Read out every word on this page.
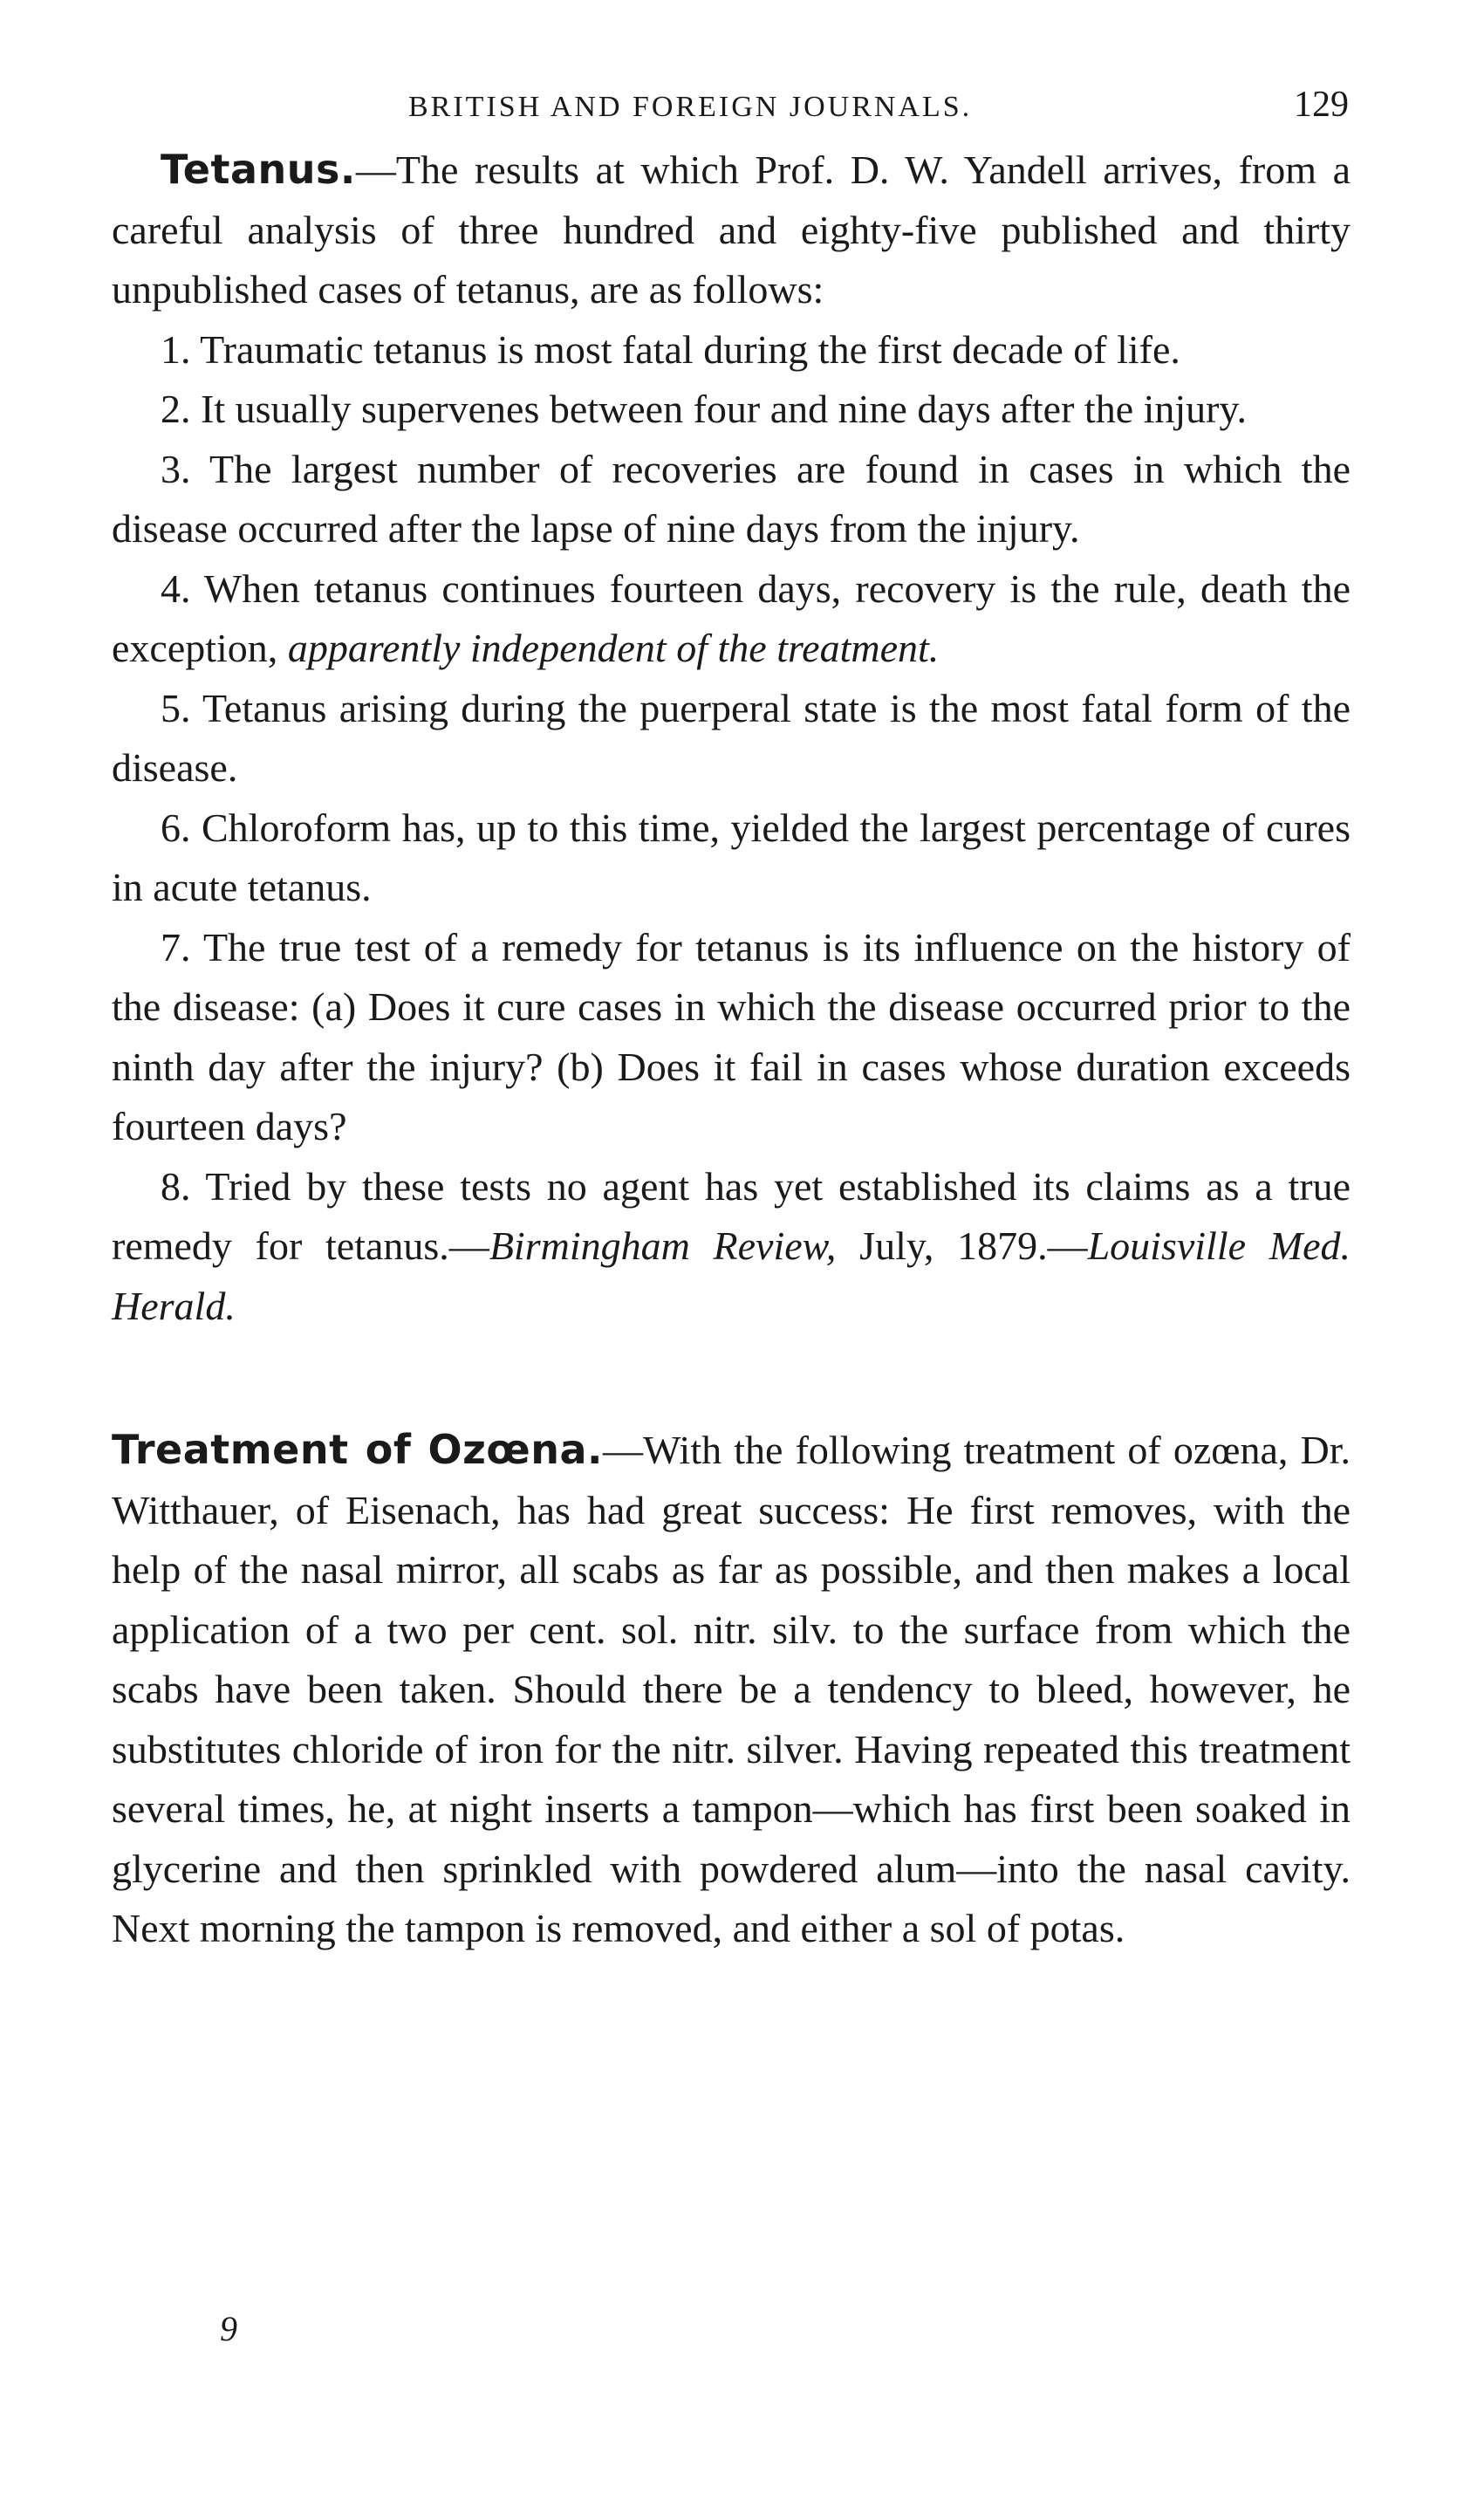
BRITISH AND FOREIGN JOURNALS.	129

Tetanus.—The results at which Prof. D. W. Yandell arrives, from a careful analysis of three hundred and eighty-five published and thirty unpublished cases of tetanus, are as follows:

1. Traumatic tetanus is most fatal during the first decade of life.

2. It usually supervenes between four and nine days after the injury.

3. The largest number of recoveries are found in cases in which the disease occurred after the lapse of nine days from the injury.

4. When tetanus continues fourteen days, recovery is the rule, death the exception, apparently independent of the treatment.

5. Tetanus arising during the puerperal state is the most fatal form of the disease.

6. Chloroform has, up to this time, yielded the largest percentage of cures in acute tetanus.

7. The true test of a remedy for tetanus is its influence on the history of the disease: (a) Does it cure cases in which the disease occurred prior to the ninth day after the injury? (b) Does it fail in cases whose duration exceeds fourteen days?

8. Tried by these tests no agent has yet established its claims as a true remedy for tetanus.—Birmingham Review, July, 1879.—Louisville Med. Herald.

Treatment of Ozœna.—With the following treatment of ozœna, Dr. Witthauer, of Eisenach, has had great success: He first removes, with the help of the nasal mirror, all scabs as far as possible, and then makes a local application of a two per cent. sol. nitr. silv. to the surface from which the scabs have been taken. Should there be a tendency to bleed, however, he substitutes chloride of iron for the nitr. silver. Having repeated this treatment several times, he, at night inserts a tampon—which has first been soaked in glycerine and then sprinkled with powdered alum—into the nasal cavity. Next morning the tampon is removed, and either a sol of potas.

9
